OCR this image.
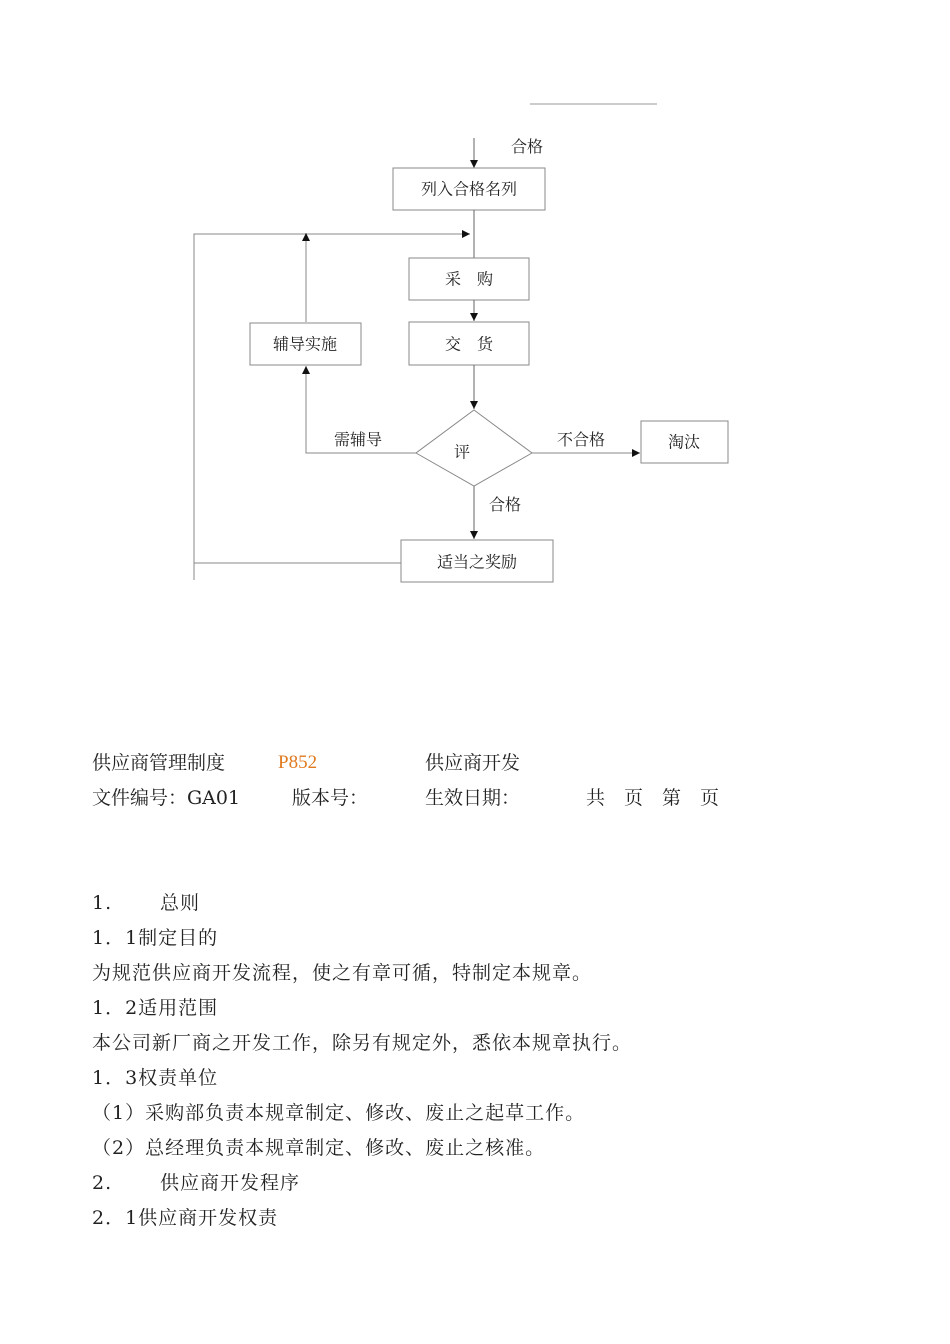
合格
列入合格名列
采　购
交　货
评
需辅导
辅导实施
不合格	淘汰
合格
适当之奖励
供应商管理制度	P852	供应商开发
文件编号：GA01	版本号：	生效日期：	共　页　第　页
1.	总则
1．1制定目的
为规范供应商开发流程，使之有章可循，特制定本规章。
1．2适用范围
本公司新厂商之开发工作，除另有规定外，悉依本规章执行。
1．3权责单位
（1）采购部负责本规章制定、修改、废止之起草工作。
（2）总经理负责本规章制定、修改、废止之核准。
2.	供应商开发程序
2．1供应商开发权责
